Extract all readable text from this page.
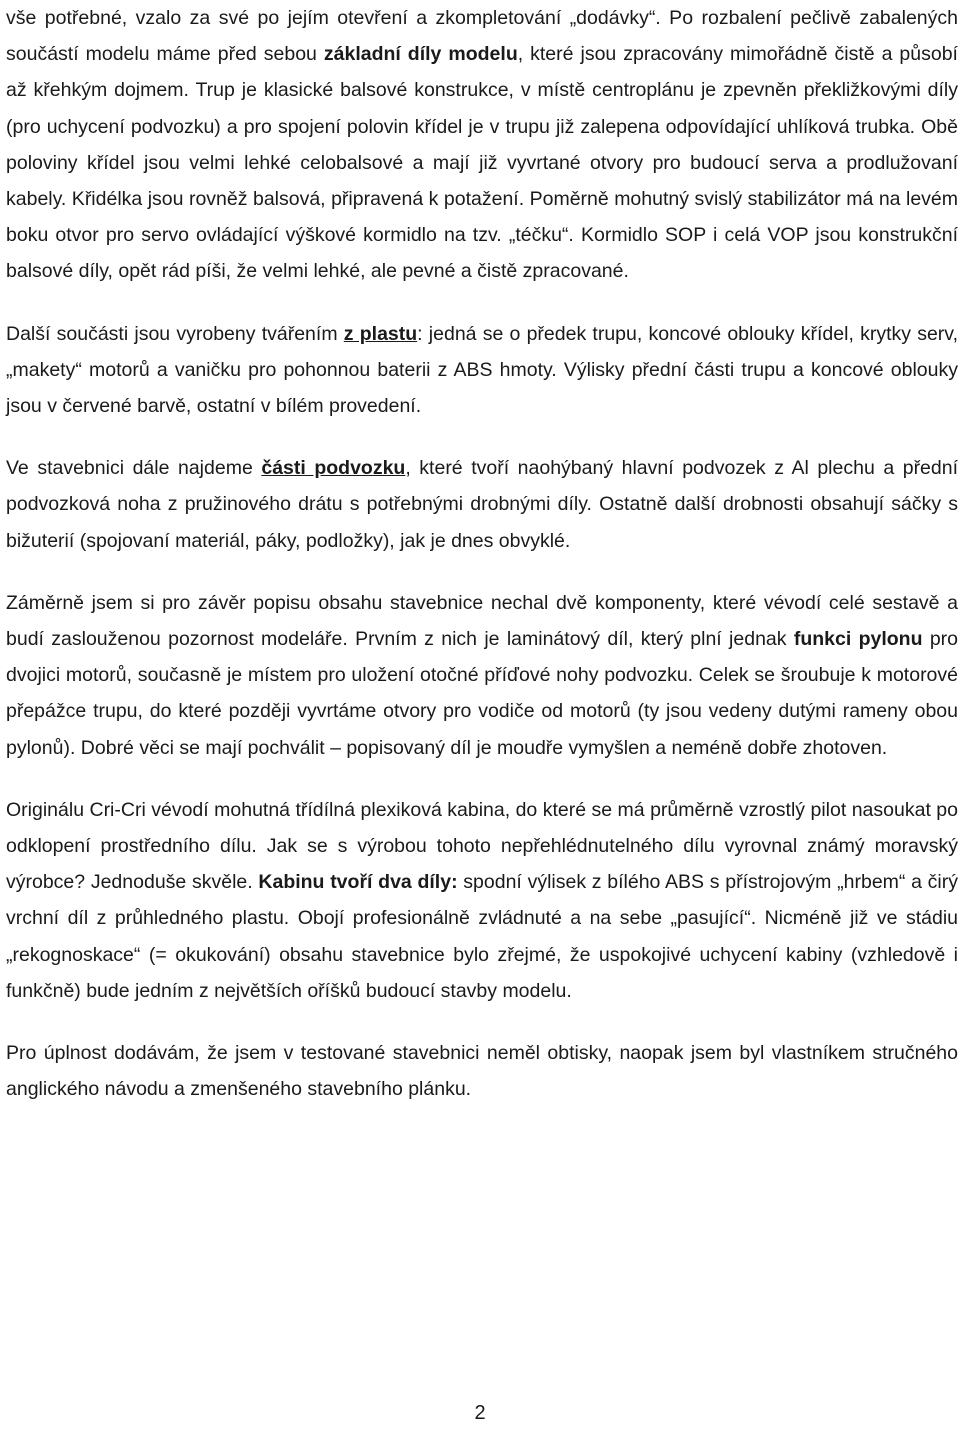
vše potřebné, vzalo za své po jejím otevření a zkompletování „dodávky“. Po rozbalení pečlivě zabalených součástí modelu máme před sebou základní díly modelu, které jsou zpracovány mimořádně čistě a působí až křehkým dojmem. Trup je klasické balsové konstrukce, v místě centroplánu je zpevněn překližkovými díly (pro uchycení podvozku) a pro spojení polovin křídel je v trupu již zalepena odpovídající uhlíková trubka. Obě poloviny křídel jsou velmi lehké celobalsové a mají již vyvrtané otvory pro budoucí serva a prodlužovaní kabely. Křidélka jsou rovněž balsová, připravená k potažení. Poměrně mohutný svislý stabilizátor má na levém boku otvor pro servo ovládající výškové kormidlo na tzv. „téčku“. Kormidlo SOP i celá VOP jsou konstrukční balsové díly, opět rád píši, že velmi lehké, ale pevné a čistě zpracované.

Další součásti jsou vyrobeny tvářením z plastu: jedná se o předek trupu, koncové oblouky křídel, krytky serv, „makety“ motorů a vaničku pro pohonnou baterii z ABS hmoty. Výlisky přední části trupu a koncové oblouky jsou v červené barvě, ostatní v bílém provedení.

Ve stavebnici dále najdeme části podvozku, které tvoří naohýbaný hlavní podvozek z Al plechu a přední podvozková noha z pružinového drátu s potřebnými drobnými díly. Ostatně další drobnosti obsahují sáčky s bižuterií (spojovaní materiál, páky, podložky), jak je dnes obvyklé.

Záměrně jsem si pro závěr popisu obsahu stavebnice nechal dvě komponenty, které vévodí celé sestavě a budí zaslouženou pozornost modeláře. Prvním z nich je laminátový díl, který plní jednak funkci pylonu pro dvojici motorů, současně je místem pro uložení otočné příďové nohy podvozku. Celek se šroubuje k motorové přepážce trupu, do které později vyvrtáme otvory pro vodiče od motorů (ty jsou vedeny dutými rameny obou pylonů). Dobré věci se mají pochválit – popisovaný díl je moudře vymyšlen a neméně dobře zhotoven.

Originálu Cri-Cri vévodí mohutná třídílná plexiková kabina, do které se má průměrně vzrostlý pilot nasoukat po odklopení prostředního dílu. Jak se s výrobou tohoto nepřehlédnutelného dílu vyrovnal známý moravský výrobce? Jednoduše skvěle. Kabinu tvoří dva díly: spodní výlisek z bílého ABS s přístrojovým „hrbem“ a čirý vrchní díl z průhledného plastu. Obojí profesionálně zvládnuté a na sebe „pasující“. Nicméně již ve stádiu „rekognoskace“ (= okukování) obsahu stavebnice bylo zřejmé, že uspokojivé uchycení kabiny (vzhledově i funkčně) bude jedním z největších oříšků budoucí stavby modelu.

Pro úplnost dodávám, že jsem v testované stavebnici neměl obtisky, naopak jsem byl vlastníkem stručného anglického návodu a zmenšeného stavebního plánku.

2
